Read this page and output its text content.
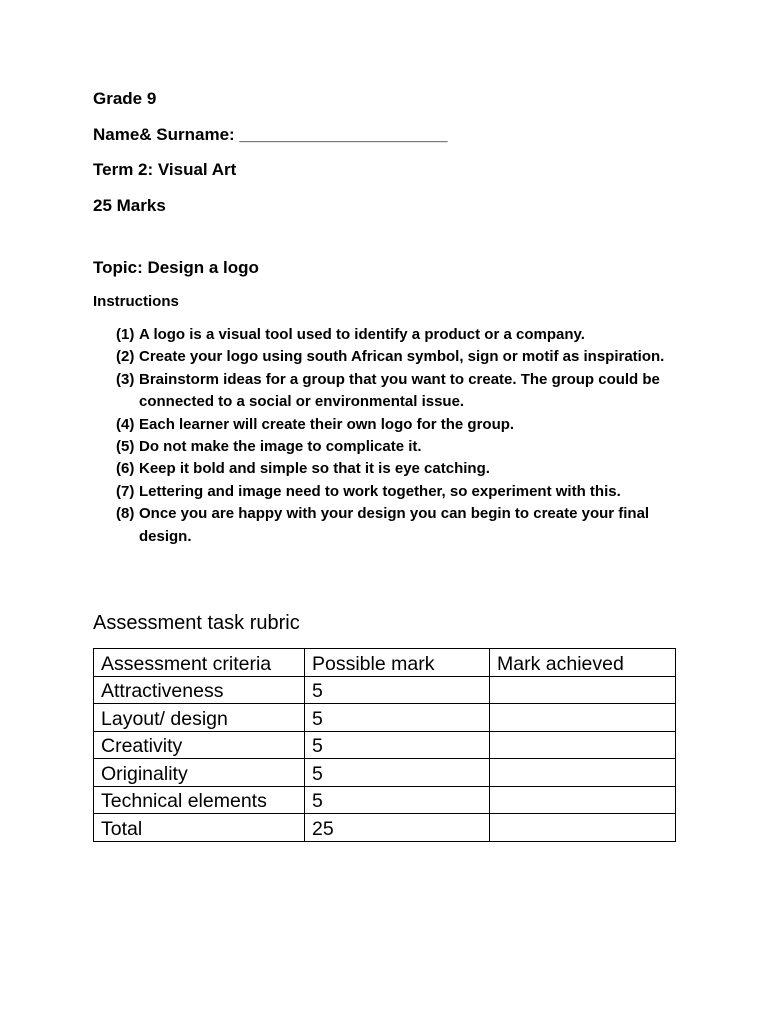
Grade 9
Name& Surname: ______________________
Term 2: Visual Art
25 Marks
Topic: Design a logo
Instructions
(1) A logo is a visual tool used to identify a product or a company.
(2) Create your logo using south African symbol, sign or motif as inspiration.
(3) Brainstorm ideas for a group that you want to create. The group could be connected to a social or environmental issue.
(4) Each learner will create their own logo for the group.
(5) Do not make the image to complicate it.
(6) Keep it bold and simple so that it is eye catching.
(7) Lettering and image need to work together, so experiment with this.
(8) Once you are happy with your design you can begin to create your final design.
Assessment task rubric
Assessment criteria	Possible mark	Mark achieved
Attractiveness	5	
Layout/ design	5	
Creativity	5	
Originality	5	
Technical elements	5	
Total	25	
